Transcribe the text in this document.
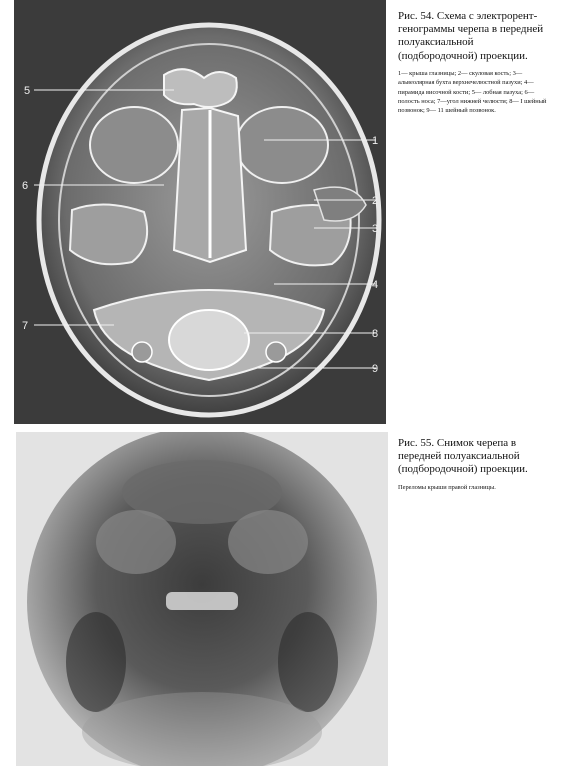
5
6
7
1
2
3
4
8
9

Рис. 54. Схема с электрорент-генограммы черепа в передней полуаксиальной (подбородочной) проекции.

1— крыша глазницы; 2— скуловая кость; 3— альвеолярная бухта верхнечелюстной пазухи; 4— пирамида височной кости; 5— лобная пазуха; 6— полость носа; 7—угол нижней челюсти; 8— I шейный позвонок; 9— 11 шейный позвонок.

Рис. 55. Снимок черепа в передней полуаксиальной (подбородочной) проекции.

Переломы крыши правой глазницы.
